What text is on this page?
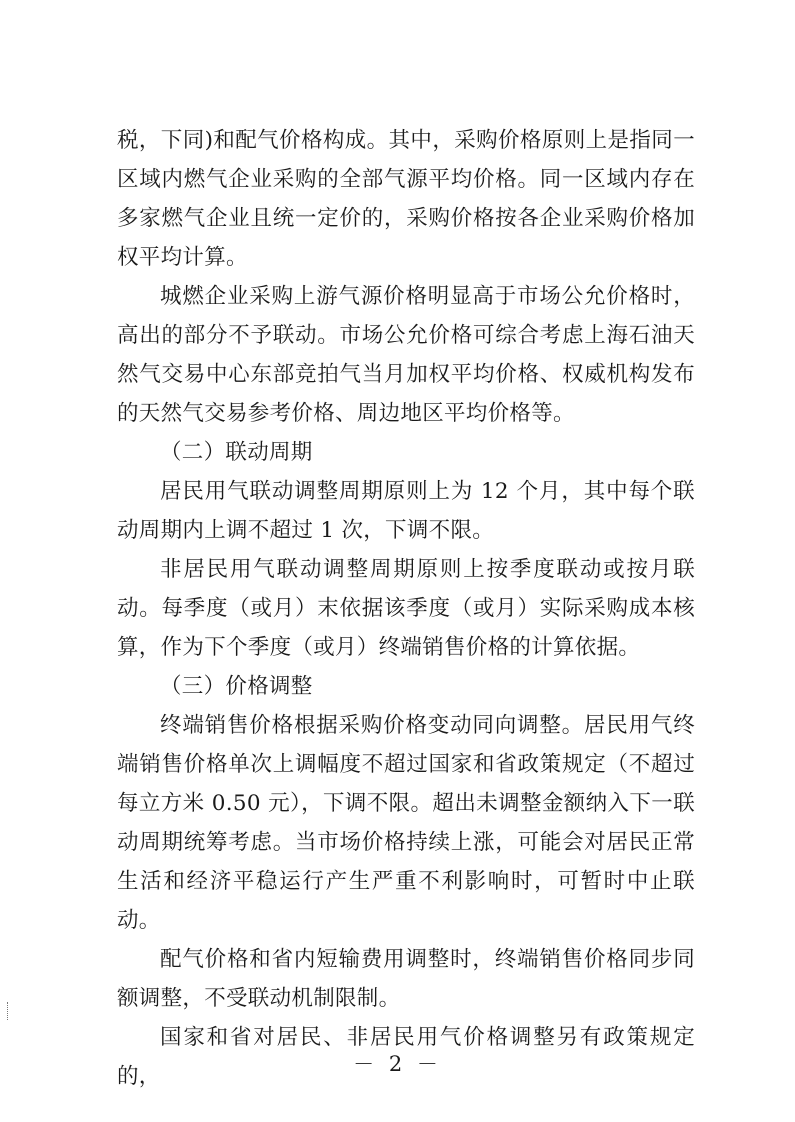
税，下同)和配气价格构成。其中，采购价格原则上是指同一区域内燃气企业采购的全部气源平均价格。同一区域内存在多家燃气企业且统一定价的，采购价格按各企业采购价格加权平均计算。

城燃企业采购上游气源价格明显高于市场公允价格时，高出的部分不予联动。市场公允价格可综合考虑上海石油天然气交易中心东部竞拍气当月加权平均价格、权威机构发布的天然气交易参考价格、周边地区平均价格等。

（二）联动周期

居民用气联动调整周期原则上为 12 个月，其中每个联动周期内上调不超过 1 次，下调不限。

非居民用气联动调整周期原则上按季度联动或按月联动。每季度（或月）末依据该季度（或月）实际采购成本核算，作为下个季度（或月）终端销售价格的计算依据。

（三）价格调整

终端销售价格根据采购价格变动同向调整。居民用气终端销售价格单次上调幅度不超过国家和省政策规定（不超过每立方米 0.50 元），下调不限。超出未调整金额纳入下一联动周期统筹考虑。当市场价格持续上涨，可能会对居民正常生活和经济平稳运行产生严重不利影响时，可暂时中止联动。

配气价格和省内短输费用调整时，终端销售价格同步同额调整，不受联动机制限制。

国家和省对居民、非居民用气价格调整另有政策规定的，	－ 2 －
